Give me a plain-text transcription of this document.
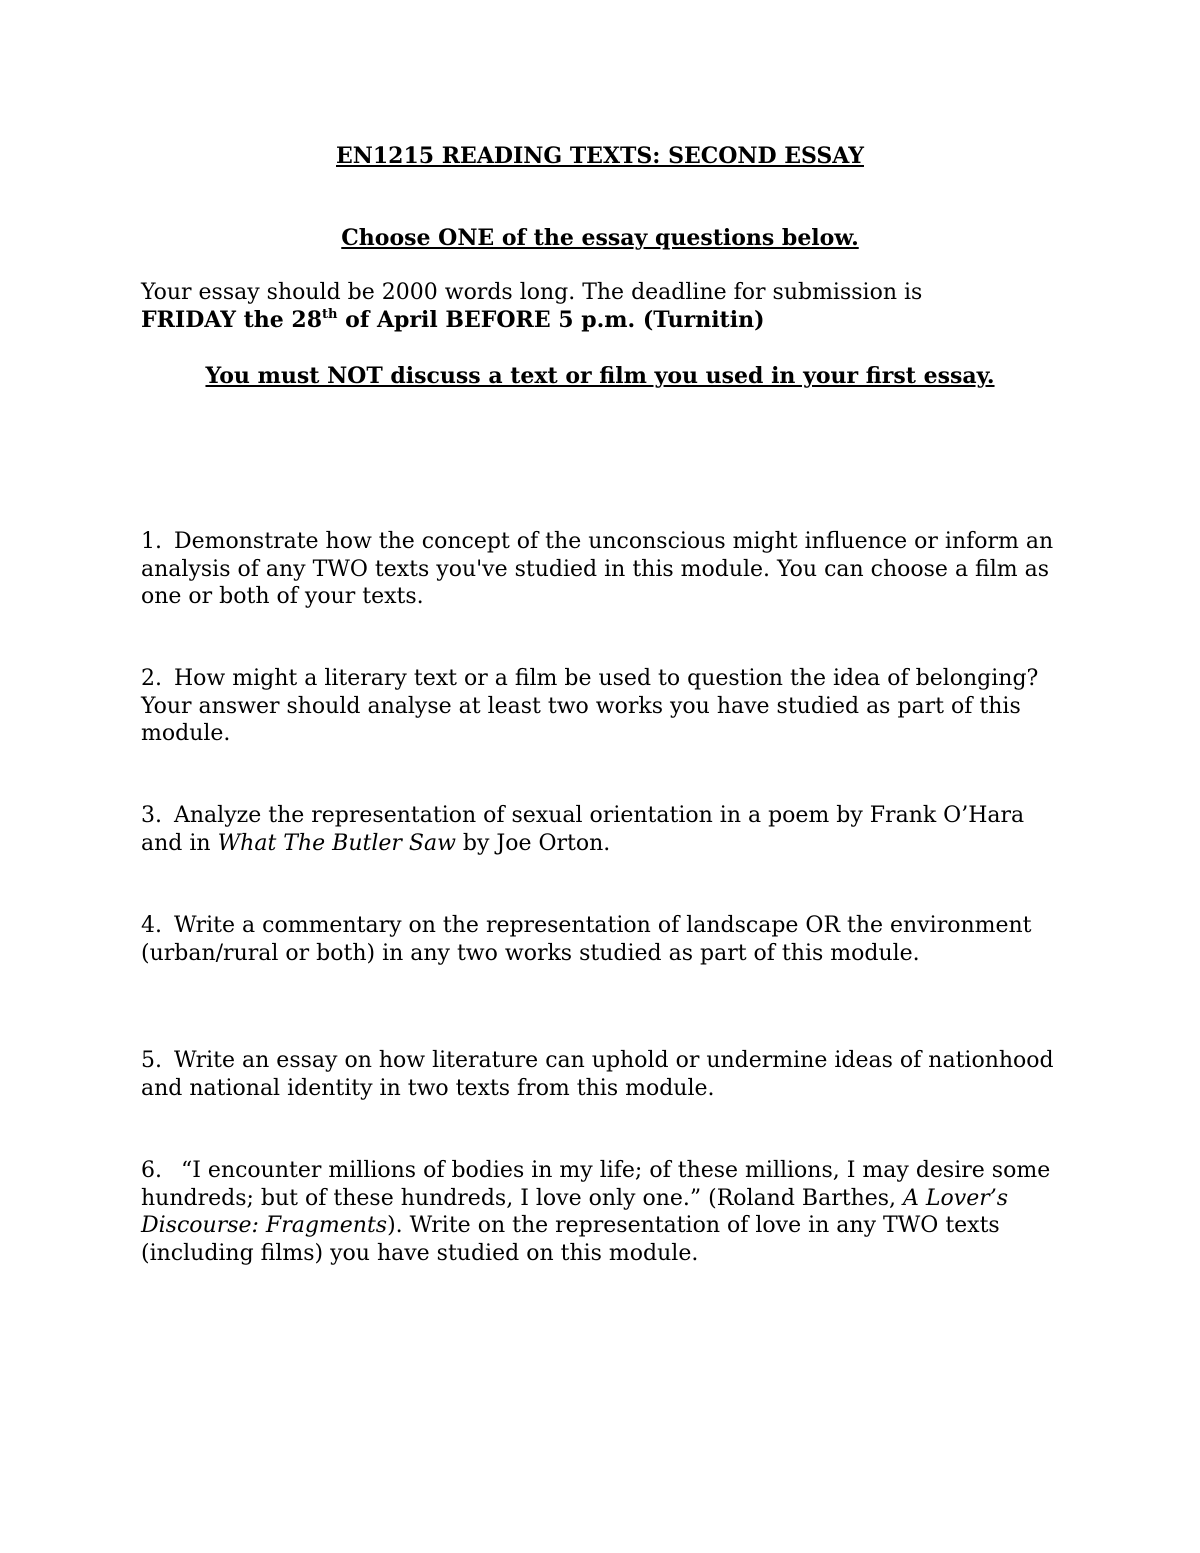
EN1215 READING TEXTS: SECOND ESSAY
Choose ONE of the essay questions below.
Your essay should be 2000 words long. The deadline for submission is
FRIDAY the 28th of April BEFORE 5 p.m. (Turnitin)
You must NOT discuss a text or film you used in your first essay.
1. Demonstrate how the concept of the unconscious might influence or inform an analysis of any TWO texts you've studied in this module. You can choose a film as one or both of your texts.
2. How might a literary text or a film be used to question the idea of belonging? Your answer should analyse at least two works you have studied as part of this module.
3. Analyze the representation of sexual orientation in a poem by Frank O’Hara and in What The Butler Saw by Joe Orton.
4. Write a commentary on the representation of landscape OR the environment (urban/rural or both) in any two works studied as part of this module.
5. Write an essay on how literature can uphold or undermine ideas of nationhood and national identity in two texts from this module.
6. “I encounter millions of bodies in my life; of these millions, I may desire some hundreds; but of these hundreds, I love only one.” (Roland Barthes, A Lover’s Discourse: Fragments). Write on the representation of love in any TWO texts (including films) you have studied on this module.
